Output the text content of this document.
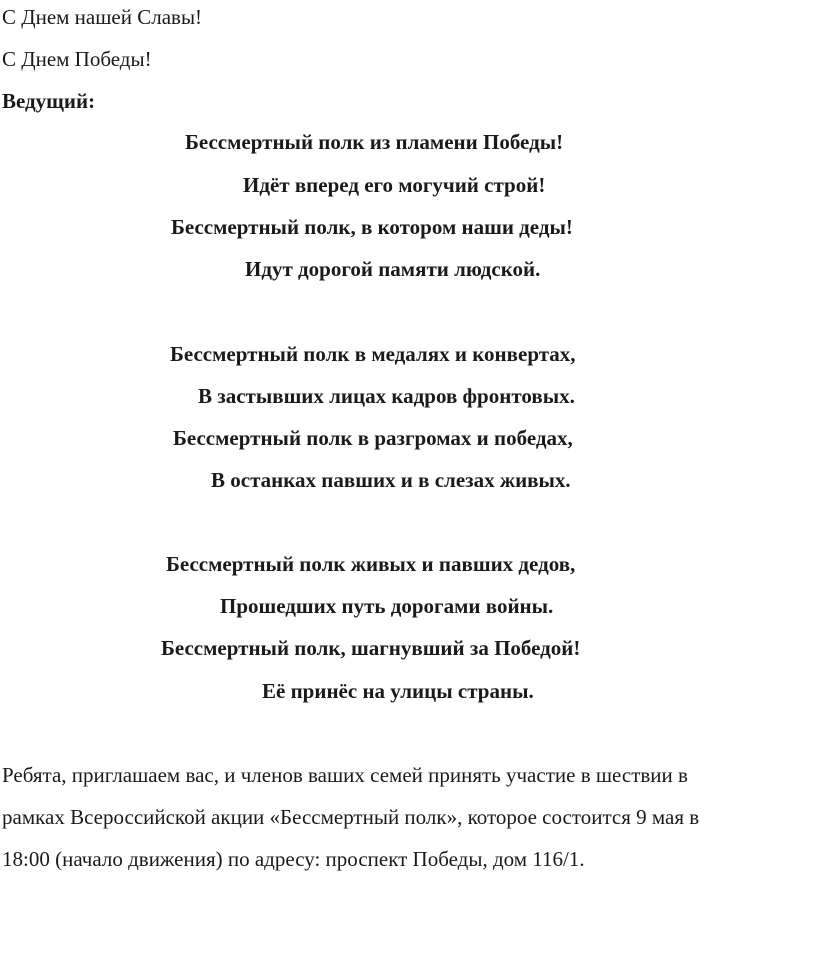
С Днем нашей Славы!
С Днем Победы!
Ведущий:
Бессмертный полк из пламени Победы!
Идёт вперед его могучий строй!
Бессмертный полк, в котором наши деды!
Идут дорогой памяти людской.
Бессмертный полк в медалях и конвертах,
В застывших лицах кадров фронтовых.
Бессмертный полк в разгромах и победах,
В останках павших и в слезах живых.
Бессмертный полк живых и павших дедов,
Прошедших путь дорогами войны.
Бессмертный полк, шагнувший за Победой!
Её принёс на улицы страны.
Ребята, приглашаем вас, и членов ваших семей принять участие в шествии в
рамках Всероссийской акции «Бессмертный полк», которое состоится 9 мая в
18:00 (начало движения) по адресу: проспект Победы, дом 116/1.
